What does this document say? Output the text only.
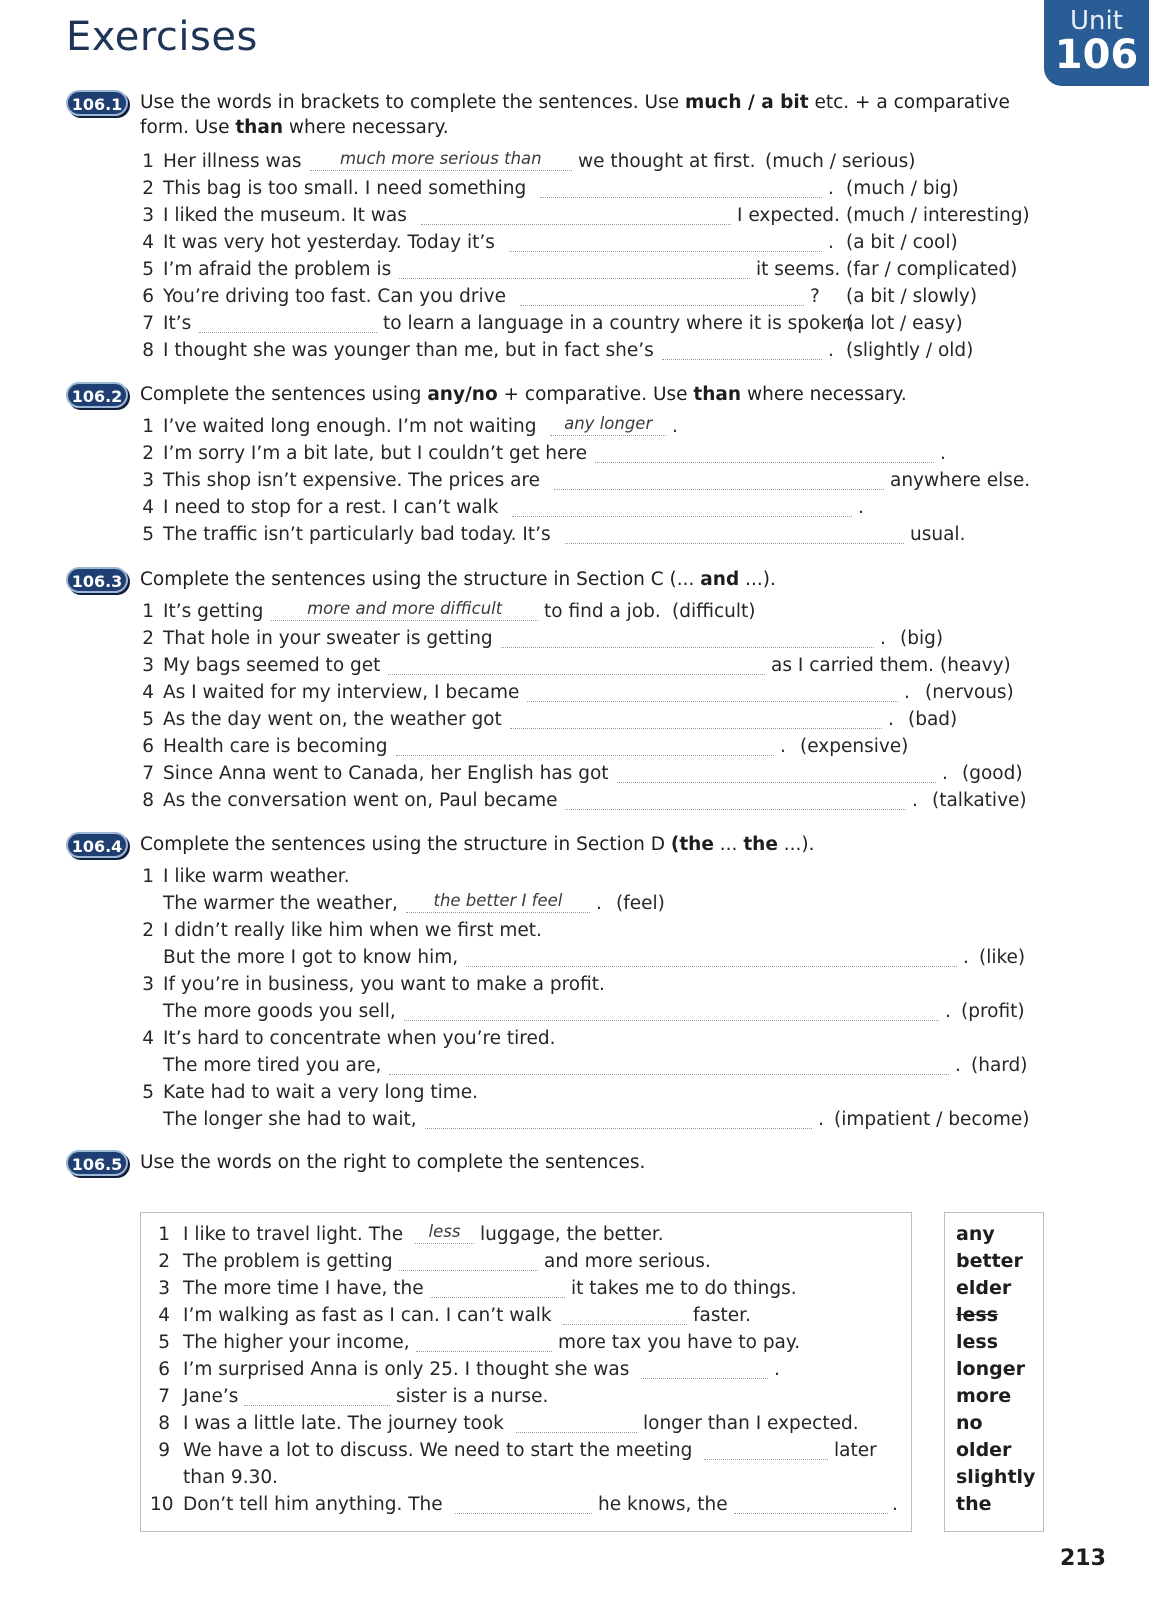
Exercises	Unit
106
106.1 Use the words in brackets to complete the sentences. Use much / a bit etc. + a comparative
form. Use than where necessary.
1 Her illness was	much more serious than	we thought at first. (much / serious)
2 This bag is too small. I need something	. (much / big)
3 I liked the museum. It was	I expected. (much / interesting)
4 It was very hot yesterday. Today it’s	. (a bit / cool)
5 I’m afraid the problem is	it seems. (far / complicated)
6 You’re driving too fast. Can you drive	? (a bit / slowly)
7 It’s	to learn a language in a country where it is spoken.
(a lot / easy)
8 I thought she was younger than me, but in fact she’s	. (slightly / old)
106.2 Complete the sentences using any/no + comparative. Use than where necessary.
1 I’ve waited long enough. I’m not waiting	any longer	.
2 I’m sorry I’m a bit late, but I couldn’t get here	.
3 This shop isn’t expensive. The prices are	anywhere else.
4 I need to stop for a rest. I can’t walk	.
5 The traffic isn’t particularly bad today. It’s	usual.
106.3 Complete the sentences using the structure in Section C (... and ...).
1 It’s getting	more and more difficult	to find a job. (difficult)
2 That hole in your sweater is getting	. (big)
3 My bags seemed to get	as I carried them. (heavy)
4 As I waited for my interview, I became	. (nervous)
5 As the day went on, the weather got	. (bad)
6 Health care is becoming	. (expensive)
7 Since Anna went to Canada, her English has got	. (good)
8 As the conversation went on, Paul became	. (talkative)
106.4 Complete the sentences using the structure in Section D (the ... the ...).
1 I like warm weather.
The warmer the weather,	the better I feel	. (feel)
2 I didn’t really like him when we first met.
But the more I got to know him,	. (like)
3 If you’re in business, you want to make a profit.
The more goods you sell,	. (profit)
4 It’s hard to concentrate when you’re tired.
The more tired you are,	. (hard)
5 Kate had to wait a very long time.
The longer she had to wait,	. (impatient / become)
106.5 Use the words on the right to complete the sentences.
any
better
elder
less
less
longer
more
no
older
slightly
the
1 I like to travel light. The	less	luggage, the better.
2 The problem is getting	and more serious.
3 The more time I have, the	it takes me to do things.
4 I’m walking as fast as I can. I can’t walk	faster.
5 The higher your income,	more tax you have to pay.
6 I’m surprised Anna is only 25. I thought she was	.
7 Jane’s	sister is a nurse.
8 I was a little late. The journey took	longer than I expected.
9 We have a lot to discuss. We need to start the meeting	later
than 9.30.
10 Don’t tell him anything. The	he knows, the	.
213
